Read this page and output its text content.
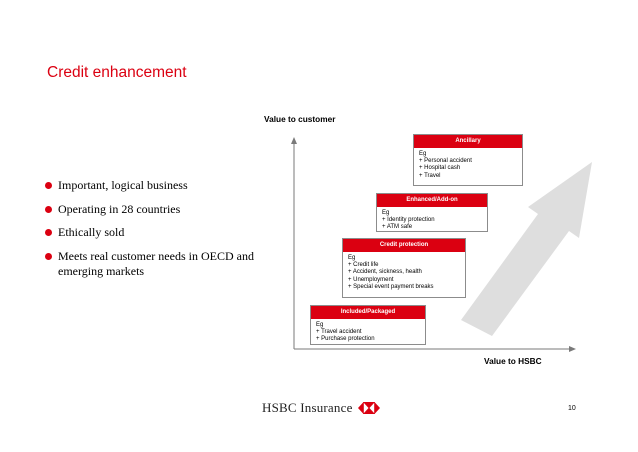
Credit enhancement
Important, logical business
Operating in 28 countries
Ethically sold
Meets real customer needs in OECD and emerging markets
Value to customer
Value to HSBC
Included/Packaged
Eg
+ Travel accident
+ Purchase protection
Credit protection
Eg
+ Credit life
+ Accident, sickness, health
+ Unemployment
+ Special event payment breaks
Enhanced/Add-on
Eg
+ Identity protection
+ ATM safe
Ancillary
Eg
+ Personal accident
+ Hospital cash
+ Travel
HSBC Insurance	10
